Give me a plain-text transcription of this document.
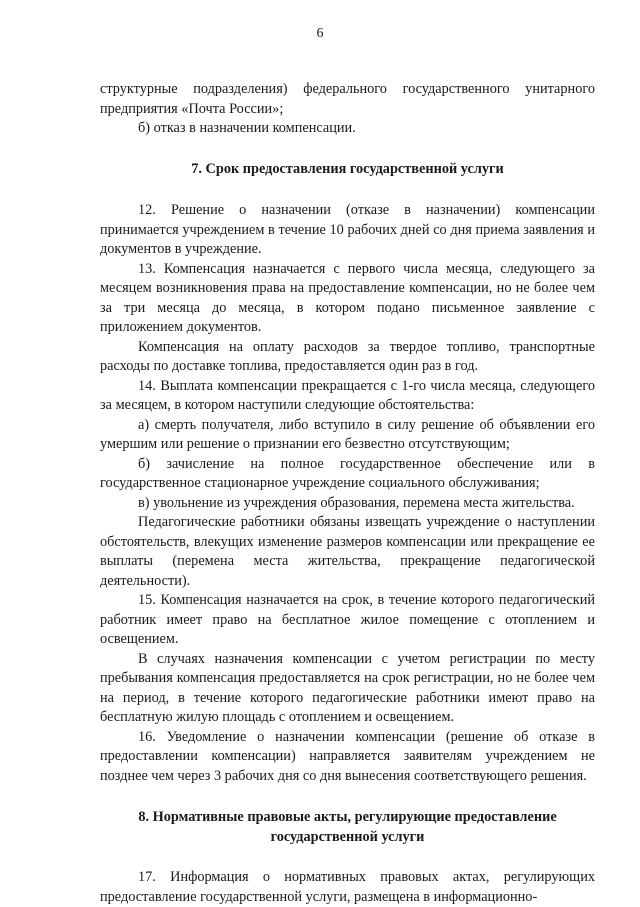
6

структурные подразделения) федерального государственного унитарного предприятия «Почта России»;

б) отказ в назначении компенсации.

7. Срок предоставления государственной услуги

12. Решение о назначении (отказе в назначении) компенсации принимается учреждением в течение 10 рабочих дней со дня приема заявления и документов в учреждение.

13. Компенсация назначается с первого числа месяца, следующего за месяцем возникновения права на предоставление компенсации, но не более чем за три месяца до месяца, в котором подано письменное заявление с приложением документов.

Компенсация на оплату расходов за твердое топливо, транспортные расходы по доставке топлива, предоставляется один раз в год.

14. Выплата компенсации прекращается с 1-го числа месяца, следующего за месяцем, в котором наступили следующие обстоятельства:

а) смерть получателя, либо вступило в силу решение об объявлении его умершим или решение о признании его безвестно отсутствующим;

б) зачисление на полное государственное обеспечение или в государственное стационарное учреждение социального обслуживания;

в) увольнение из учреждения образования, перемена места жительства.

Педагогические работники обязаны извещать учреждение о наступлении обстоятельств, влекущих изменение размеров компенсации или прекращение ее выплаты (перемена места жительства, прекращение педагогической деятельности).

15. Компенсация назначается на срок, в течение которого педагогический работник имеет право на бесплатное жилое помещение с отоплением и освещением.

В случаях назначения компенсации с учетом регистрации по месту пребывания компенсация предоставляется на срок регистрации, но не более чем на период, в течение которого педагогические работники имеют право на бесплатную жилую площадь с отоплением и освещением.

16. Уведомление о назначении компенсации (решение об отказе в предоставлении компенсации) направляется заявителям учреждением не позднее чем через 3 рабочих дня со дня вынесения соответствующего решения.

8. Нормативные правовые акты, регулирующие предоставление государственной услуги

17. Информация о нормативных правовых актах, регулирующих предоставление государственной услуги, размещена в информационно-
